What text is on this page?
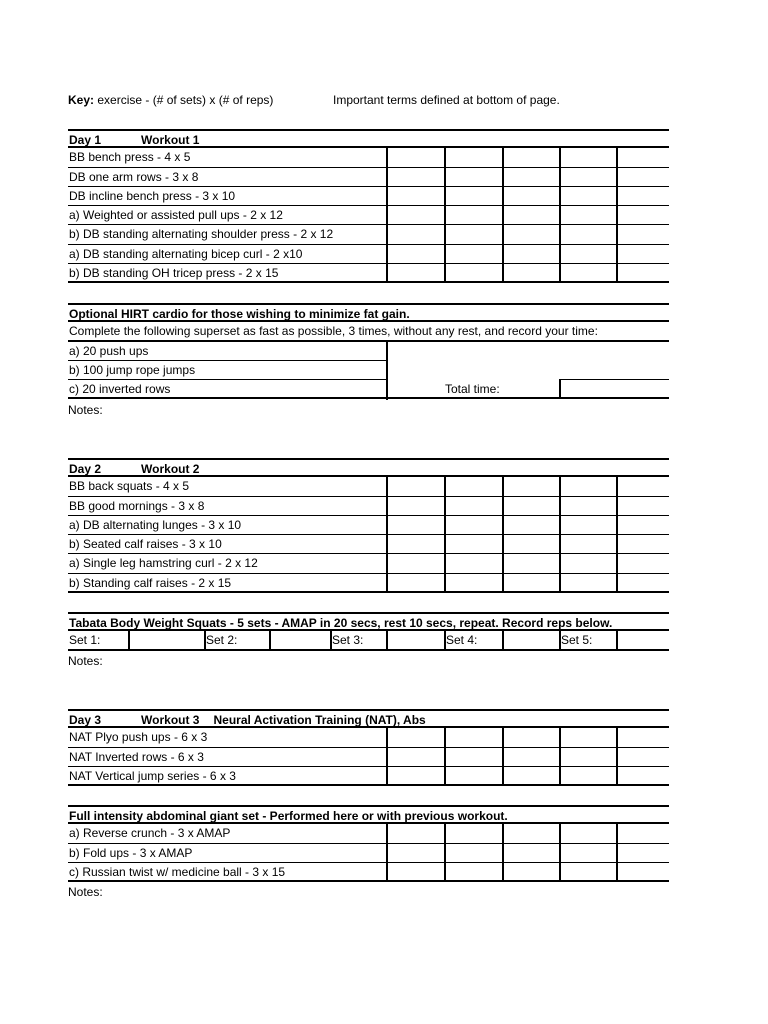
Key: exercise - (# of sets) x (# of reps)	Important terms defined at bottom of page.
Day 1	Workout 1
BB bench press - 4 x 5
DB one arm rows - 3 x 8
DB incline bench press - 3 x 10
a) Weighted or assisted pull ups - 2 x 12
b) DB standing alternating shoulder press - 2 x 12
a) DB standing alternating bicep curl - 2 x10
b) DB standing OH tricep press - 2 x 15
Optional HIRT cardio for those wishing to minimize fat gain.
Complete the following superset as fast as possible, 3 times, without any rest, and record your time:
a) 20 push ups
b) 100 jump rope jumps
c) 20 inverted rows	Total time:
Notes:
Day 2	Workout 2
BB back squats - 4 x 5
BB good mornings - 3 x 8
a) DB alternating lunges - 3 x 10
b) Seated calf raises - 3 x 10
a) Single leg hamstring curl - 2 x 12
b) Standing calf raises - 2 x 15
Tabata Body Weight Squats - 5 sets - AMAP in 20 secs, rest 10 secs, repeat. Record reps below.
Set 1:	Set 2:	Set 3:	Set 4:	Set 5:
Notes:
Day 3	Workout 3 Neural Activation Training (NAT), Abs
NAT Plyo push ups - 6 x 3
NAT Inverted rows - 6 x 3
NAT Vertical jump series - 6 x 3
Full intensity abdominal giant set - Performed here or with previous workout.
a) Reverse crunch - 3 x AMAP
b) Fold ups - 3 x AMAP
c) Russian twist w/ medicine ball - 3 x 15
Notes:
